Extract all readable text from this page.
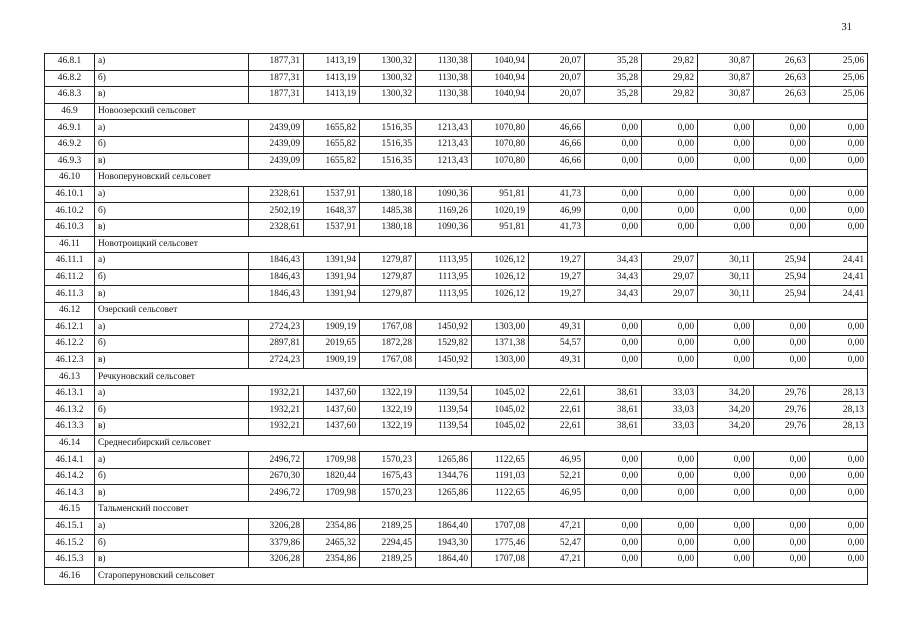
31
46.8.1	а)	1877,31	1413,19	1300,32	1130,38	1040,94	20,07	35,28	29,82	30,87	26,63	25,06
46.8.2	б)	1877,31	1413,19	1300,32	1130,38	1040,94	20,07	35,28	29,82	30,87	26,63	25,06
46.8.3	в)	1877,31	1413,19	1300,32	1130,38	1040,94	20,07	35,28	29,82	30,87	26,63	25,06
46.9	Новоозерский сельсовет											
46.9.1	а)	2439,09	1655,82	1516,35	1213,43	1070,80	46,66	0,00	0,00	0,00	0,00	0,00
46.9.2	б)	2439,09	1655,82	1516,35	1213,43	1070,80	46,66	0,00	0,00	0,00	0,00	0,00
46.9.3	в)	2439,09	1655,82	1516,35	1213,43	1070,80	46,66	0,00	0,00	0,00	0,00	0,00
46.10	Новоперуновский сельсовет											
46.10.1	а)	2328,61	1537,91	1380,18	1090,36	951,81	41,73	0,00	0,00	0,00	0,00	0,00
46.10.2	б)	2502,19	1648,37	1485,38	1169,26	1020,19	46,99	0,00	0,00	0,00	0,00	0,00
46.10.3	в)	2328,61	1537,91	1380,18	1090,36	951,81	41,73	0,00	0,00	0,00	0,00	0,00
46.11	Новотроицкий сельсовет											
46.11.1	а)	1846,43	1391,94	1279,87	1113,95	1026,12	19,27	34,43	29,07	30,11	25,94	24,41
46.11.2	б)	1846,43	1391,94	1279,87	1113,95	1026,12	19,27	34,43	29,07	30,11	25,94	24,41
46.11.3	в)	1846,43	1391,94	1279,87	1113,95	1026,12	19,27	34,43	29,07	30,11	25,94	24,41
46.12	Озерский сельсовет											
46.12.1	а)	2724,23	1909,19	1767,08	1450,92	1303,00	49,31	0,00	0,00	0,00	0,00	0,00
46.12.2	б)	2897,81	2019,65	1872,28	1529,82	1371,38	54,57	0,00	0,00	0,00	0,00	0,00
46.12.3	в)	2724,23	1909,19	1767,08	1450,92	1303,00	49,31	0,00	0,00	0,00	0,00	0,00
46.13	Речкуновский сельсовет											
46.13.1	а)	1932,21	1437,60	1322,19	1139,54	1045,02	22,61	38,61	33,03	34,20	29,76	28,13
46.13.2	б)	1932,21	1437,60	1322,19	1139,54	1045,02	22,61	38,61	33,03	34,20	29,76	28,13
46.13.3	в)	1932,21	1437,60	1322,19	1139,54	1045,02	22,61	38,61	33,03	34,20	29,76	28,13
46.14	Среднесибирский сельсовет											
46.14.1	а)	2496,72	1709,98	1570,23	1265,86	1122,65	46,95	0,00	0,00	0,00	0,00	0,00
46.14.2	б)	2670,30	1820,44	1675,43	1344,76	1191,03	52,21	0,00	0,00	0,00	0,00	0,00
46.14.3	в)	2496,72	1709,98	1570,23	1265,86	1122,65	46,95	0,00	0,00	0,00	0,00	0,00
46.15	Тальменский поссовет											
46.15.1	а)	3206,28	2354,86	2189,25	1864,40	1707,08	47,21	0,00	0,00	0,00	0,00	0,00
46.15.2	б)	3379,86	2465,32	2294,45	1943,30	1775,46	52,47	0,00	0,00	0,00	0,00	0,00
46.15.3	в)	3206,28	2354,86	2189,25	1864,40	1707,08	47,21	0,00	0,00	0,00	0,00	0,00
46.16	Староперуновский сельсовет											
